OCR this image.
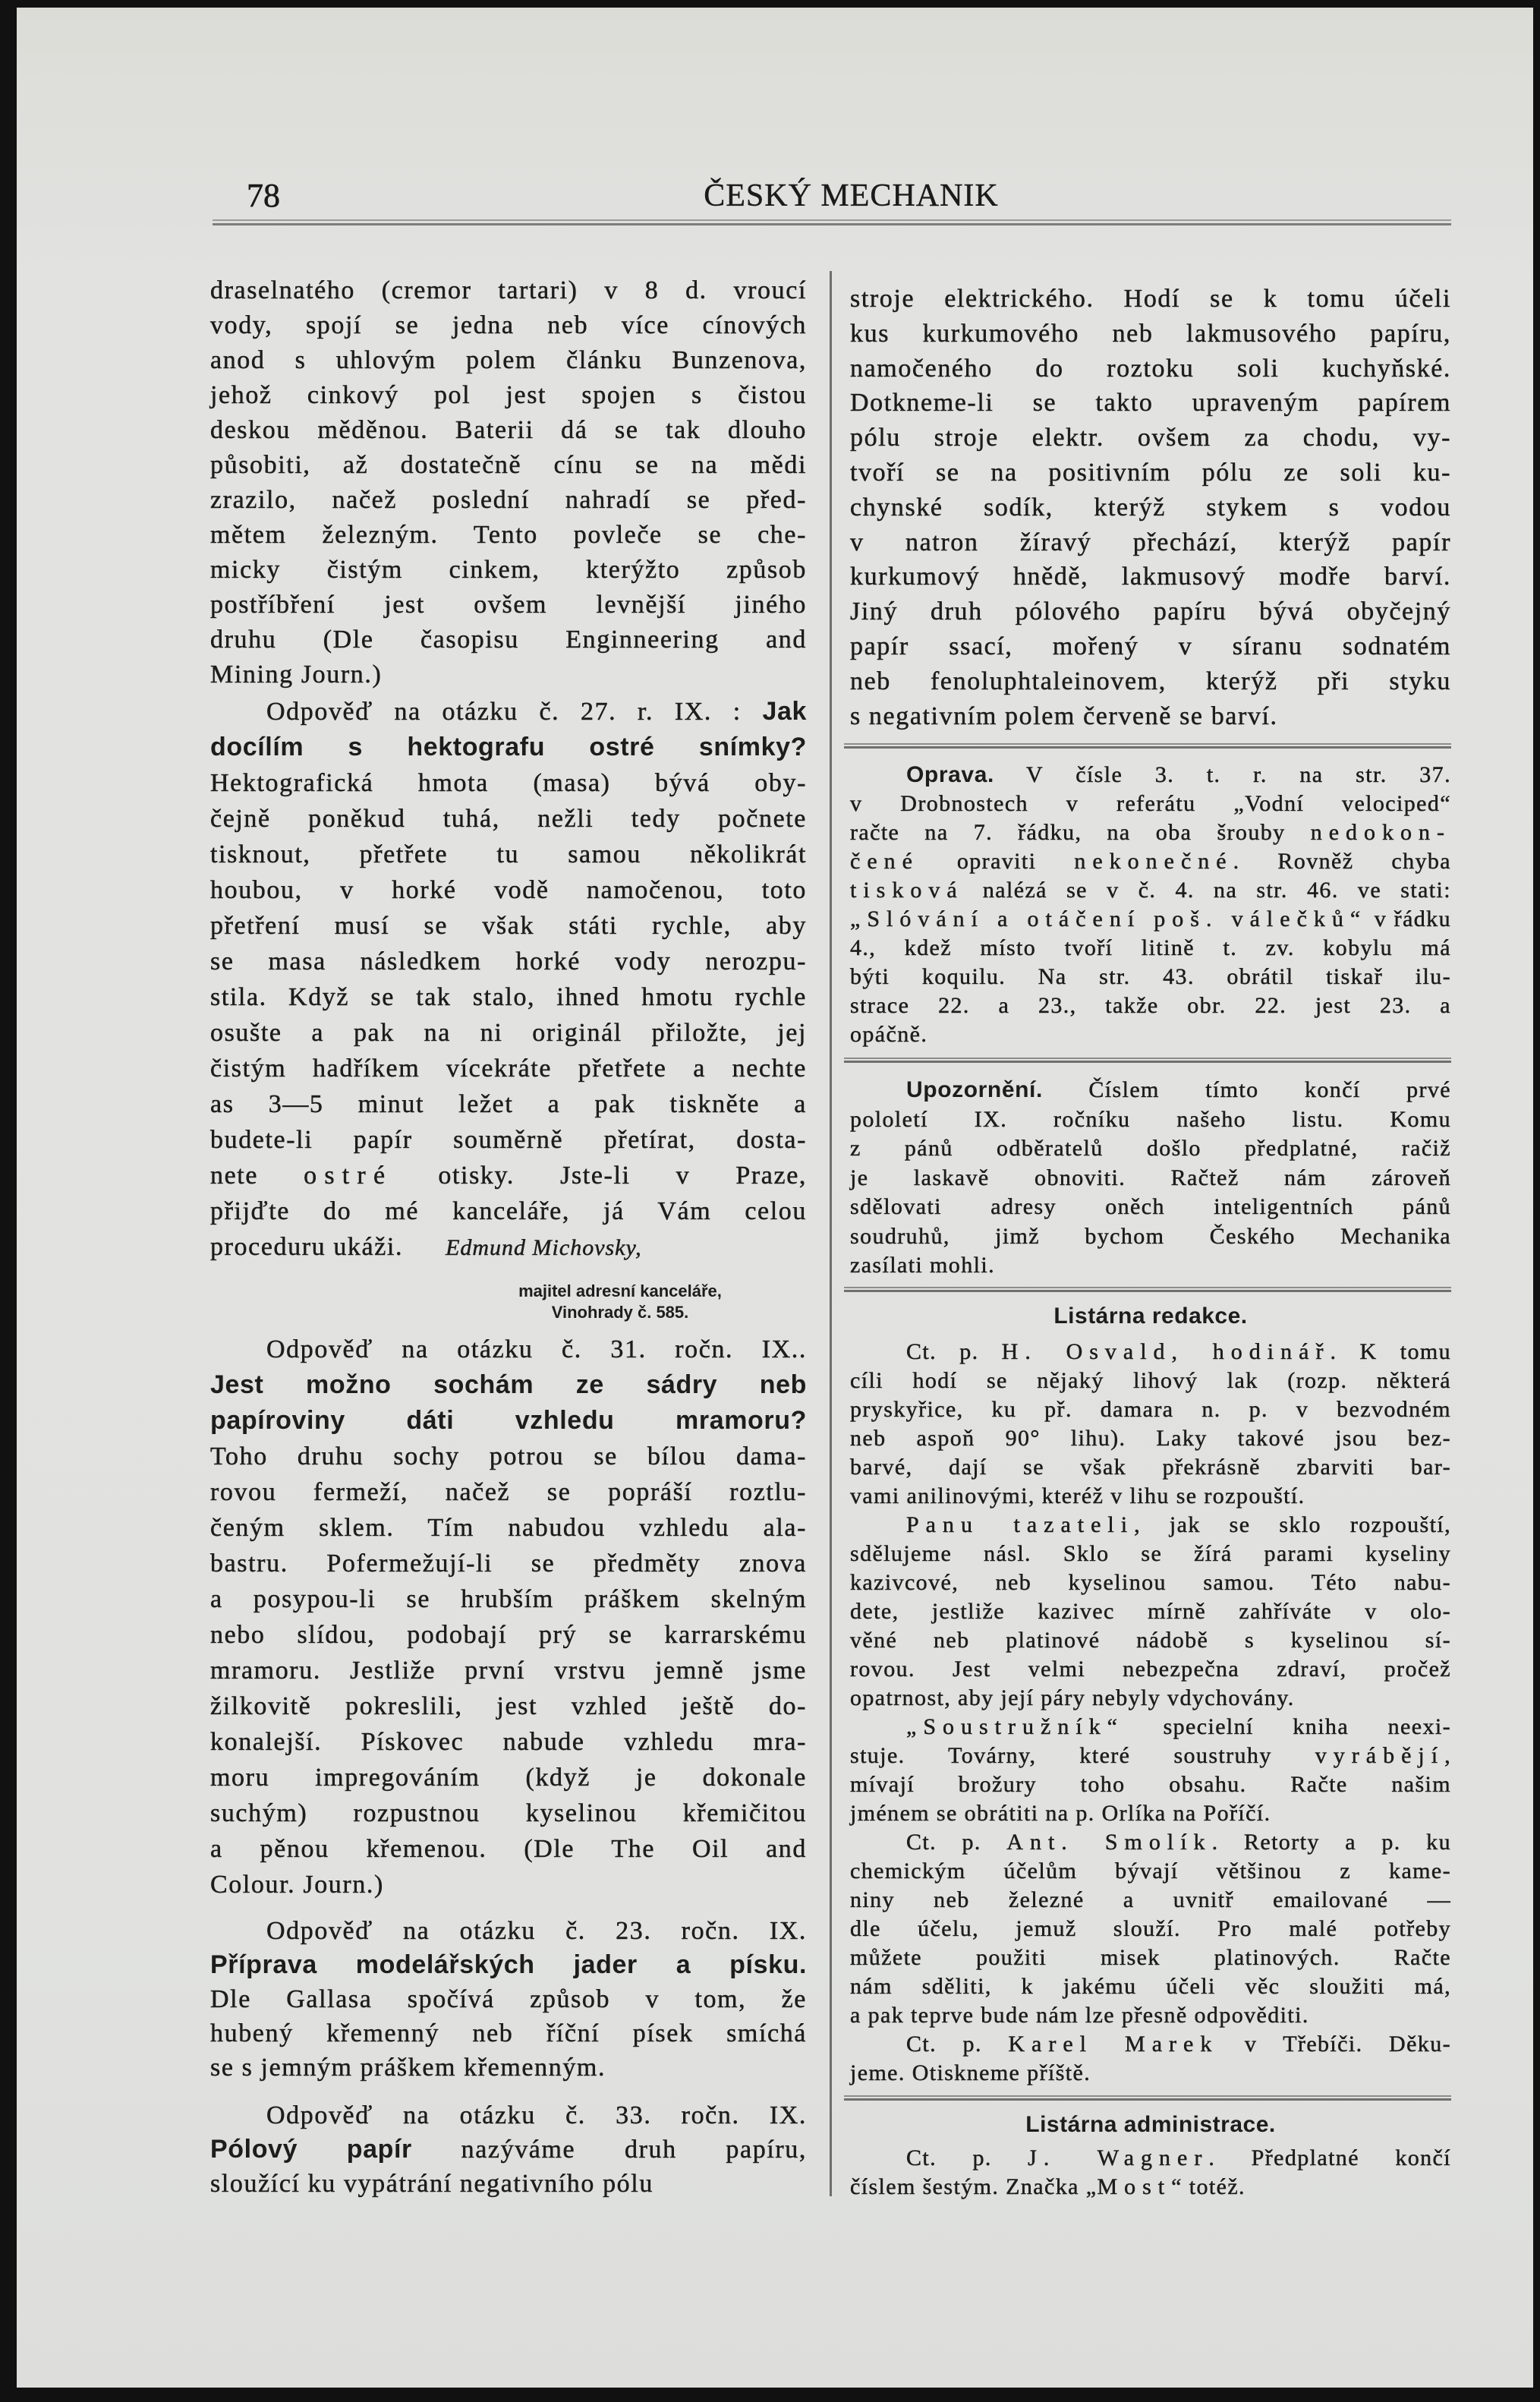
78	ČESKÝ MECHANIK
draselnatého (cremor tartari) v 8 d. vroucí
vody, spojí se jedna neb více cínových
anod s uhlovým polem článku Bunzenova,
jehož cinkový pol jest spojen s čistou
deskou měděnou. Baterii dá se tak dlouho
působiti, až dostatečně cínu se na mědi
zrazilo, načež poslední nahradí se před-
mětem železným. Tento povleče se che-
micky čistým cinkem, kterýžto způsob
postříbření jest ovšem levnější jiného
druhu (Dle časopisu Enginneering and
Mining Journ.)
Odpověď na otázku č. 27. r. IX. : Jak
docílím s hektografu ostré snímky?
Hektografická hmota (masa) bývá oby-
čejně poněkud tuhá, nežli tedy počnete
tisknout, přetřete tu samou několikrát
houbou, v horké vodě namočenou, toto
přetření musí se však státi rychle, aby
se masa následkem horké vody nerozpu-
stila. Když se tak stalo, ihned hmotu rychle
osušte a pak na ni originál přiložte, jej
čistým hadříkem vícekráte přetřete a nechte
as 3—5 minut ležet a pak tiskněte a
budete-li papír souměrně přetírat, dosta-
nete ostré otisky. Jste-li v Praze,
přijďte do mé kanceláře, já Vám celou
proceduru ukáži. Edmund Michovsky,
majitel adresní kanceláře,
Vinohrady č. 585.
Odpověď na otázku č. 31. ročn. IX..
Jest možno sochám ze sádry neb
papíroviny dáti vzhledu mramoru?
Toho druhu sochy potrou se bílou dama-
rovou fermeží, načež se popráší roztlu-
čeným sklem. Tím nabudou vzhledu ala-
bastru. Pofermežují-li se předměty znova
a posypou-li se hrubším práškem skelným
nebo slídou, podobají prý se karrarskému
mramoru. Jestliže první vrstvu jemně jsme
žilkovitě pokreslili, jest vzhled ještě do-
konalejší. Pískovec nabude vzhledu mra-
moru impregováním (když je dokonale
suchým) rozpustnou kyselinou křemičitou
a pěnou křemenou. (Dle The Oil and
Colour. Journ.)
Odpověď na otázku č. 23. ročn. IX.
Příprava modelářských jader a písku.
Dle Gallasa spočívá způsob v tom, že
hubený křemenný neb říční písek smíchá
se s jemným práškem křemenným.
Odpověď na otázku č. 33. ročn. IX.
Pólový papír nazýváme druh papíru,
sloužící ku vypátrání negativního pólu
stroje elektrického. Hodí se k tomu účeli
kus kurkumového neb lakmusového papíru,
namočeného do roztoku soli kuchyňské.
Dotkneme-li se takto upraveným papírem
pólu stroje elektr. ovšem za chodu, vy-
tvoří se na positivním pólu ze soli ku-
chynské sodík, kterýž stykem s vodou
v natron žíravý přechází, kterýž papír
kurkumový hnědě, lakmusový modře barví.
Jiný druh pólového papíru bývá obyčejný
papír ssací, mořený v síranu sodnatém
neb fenoluphtaleinovem, kterýž při styku
s negativním polem červeně se barví.
Oprava. V čísle 3. t. r. na str. 37.
v Drobnostech v referátu „Vodní velociped“
račte na 7. řádku, na oba šrouby nedokon-
čené opraviti nekonečné. Rovněž chyba
tisková nalézá se v č. 4. na str. 46. ve stati:
„Slóvání a otáčení poš. válečků“ v řádku
4., kdež místo tvoří litině t. zv. kobylu má
býti koquilu. Na str. 43. obrátil tiskař ilu-
strace 22. a 23., takže obr. 22. jest 23. a
opáčně.
Upozornění. Číslem tímto končí prvé
pololetí IX. ročníku našeho listu. Komu
z pánů odběratelů došlo předplatné, račiž
je laskavě obnoviti. Račtež nám zároveň
sdělovati adresy oněch inteligentních pánů
soudruhů, jimž bychom Českého Mechanika
zasílati mohli.
Listárna redakce.
Ct. p. H. Osvald, hodinář. K tomu
cíli hodí se nějaký lihový lak (rozp. některá
pryskyřice, ku př. damara n. p. v bezvodném
neb aspoň 90° lihu). Laky takové jsou bez-
barvé, dají se však překrásně zbarviti bar-
vami anilinovými, kteréž v lihu se rozpouští.
Panu tazateli, jak se sklo rozpouští,
sdělujeme násl. Sklo se žírá parami kyseliny
kazivcové, neb kyselinou samou. Této nabu-
dete, jestliže kazivec mírně zahříváte v olo-
věné neb platinové nádobě s kyselinou sí-
rovou. Jest velmi nebezpečna zdraví, pročež
opatrnost, aby její páry nebyly vdychovány.
„Soustružník“ specielní kniha neexi-
stuje. Továrny, které soustruhy vyrábějí,
mívají brožury toho obsahu. Račte našim
jménem se obrátiti na p. Orlíka na Poříčí.
Ct. p. Ant. Smolík. Retorty a p. ku
chemickým účelům bývají většinou z kame-
niny neb železné a uvnitř emailované —
dle účelu, jemuž slouží. Pro malé potřeby
můžete použiti misek platinových. Račte
nám sděliti, k jakému účeli věc sloužiti má,
a pak teprve bude nám lze přesně odpověditi.
Ct. p. Karel Marek v Třebíči. Děku-
jeme. Otiskneme příště.
Listárna administrace.
Ct. p. J. Wagner. Předplatné končí
číslem šestým. Značka „Most“ totéž.
